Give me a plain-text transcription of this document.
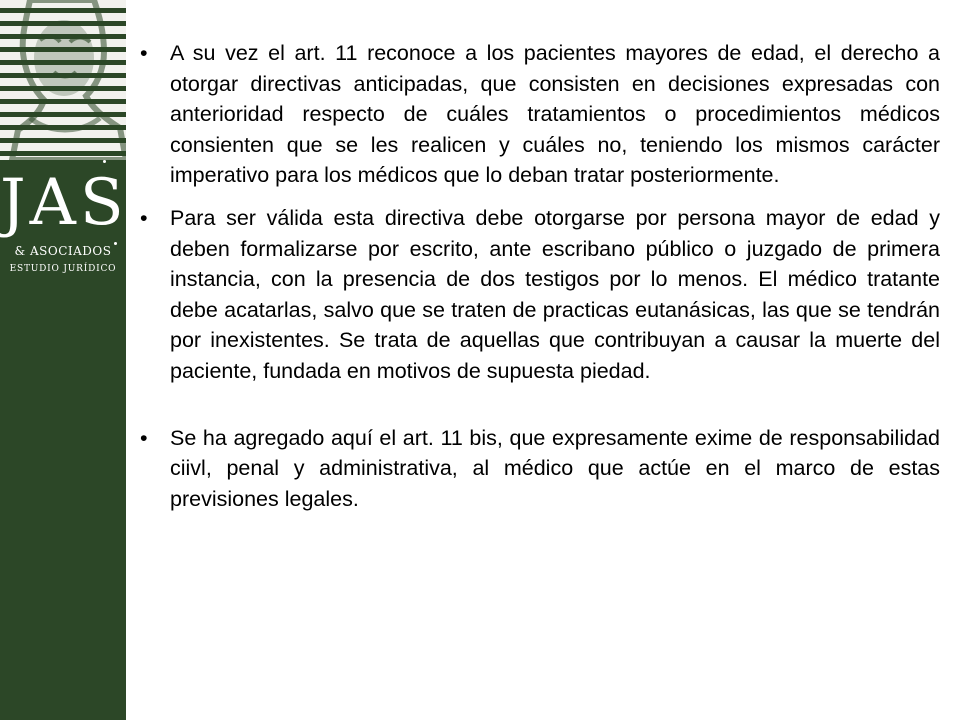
JAS
& ASOCIADOS
ESTUDIO JURÍDICO
• A su vez el art. 11 reconoce a los pacientes mayores de edad, el derecho a otorgar directivas anticipadas, que consisten en decisiones expresadas con anterioridad respecto de cuáles tratamientos o procedimientos médicos consienten que se les realicen y cuáles no, teniendo los mismos carácter imperativo para los médicos que lo deban tratar posteriormente.
• Para ser válida esta directiva debe otorgarse por persona mayor de edad y deben formalizarse por escrito, ante escribano público o juzgado de primera instancia, con la presencia de dos testigos por lo menos. El médico tratante debe acatarlas, salvo que se traten de practicas eutanásicas, las que se tendrán por inexistentes. Se trata de aquellas que contribuyan a causar la muerte del paciente, fundada en motivos de supuesta piedad.
• Se ha agregado aquí el art. 11 bis, que expresamente exime de responsabilidad ciivl, penal y administrativa, al médico que actúe en el marco de estas previsiones legales.
